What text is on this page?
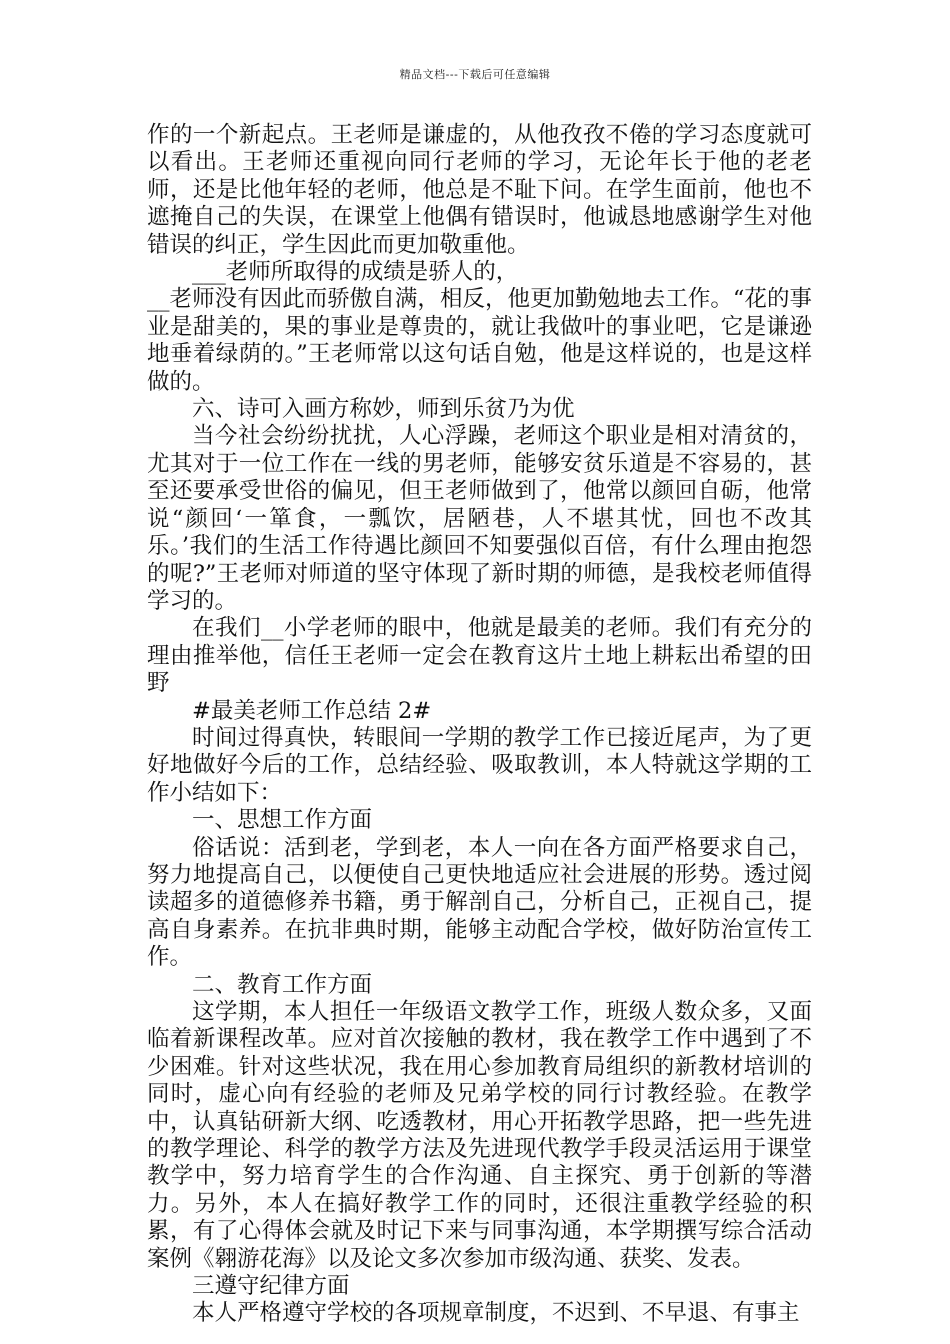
精品文档---下载后可任意编辑

作的一个新起点。王老师是谦虚的，从他孜孜不倦的学习态度就可以看出。王老师还重视向同行老师的学习，无论年长于他的老老师，还是比他年轻的老师，他总是不耻下问。在学生面前，他也不遮掩自己的失误，在课堂上他偶有错误时，他诚恳地感谢学生对他错误的纠正，学生因此而更加敬重他。

___老师所取得的成绩是骄人的，

__老师没有因此而骄傲自满，相反，他更加勤勉地去工作。“花的事业是甜美的，果的事业是尊贵的，就让我做叶的事业吧，它是谦逊地垂着绿荫的。”王老师常以这句话自勉，他是这样说的，也是这样做的。

六、诗可入画方称妙，师到乐贫乃为优

当今社会纷纷扰扰，人心浮躁，老师这个职业是相对清贫的，尤其对于一位工作在一线的男老师，能够安贫乐道是不容易的，甚至还要承受世俗的偏见，但王老师做到了，他常以颜回自砺，他常说“颜回‘一箪食，一瓢饮，居陋巷，人不堪其忧，回也不改其乐。’我们的生活工作待遇比颜回不知要强似百倍，有什么理由抱怨的呢?”王老师对师道的坚守体现了新时期的师德，是我校老师值得学习的。

在我们__小学老师的眼中，他就是最美的老师。我们有充分的理由推举他，信任王老师一定会在教育这片土地上耕耘出希望的田野

#最美老师工作总结 2#

时间过得真快，转眼间一学期的教学工作已接近尾声，为了更好地做好今后的工作，总结经验、吸取教训，本人特就这学期的工作小结如下：

一、思想工作方面

俗话说：活到老，学到老，本人一向在各方面严格要求自己，努力地提高自己，以便使自己更快地适应社会进展的形势。透过阅读超多的道德修养书籍，勇于解剖自己，分析自己，正视自己，提高自身素养。在抗非典时期，能够主动配合学校，做好防治宣传工作。

二、教育工作方面

这学期，本人担任一年级语文教学工作，班级人数众多，又面临着新课程改革。应对首次接触的教材，我在教学工作中遇到了不少困难。针对这些状况，我在用心参加教育局组织的新教材培训的同时，虚心向有经验的老师及兄弟学校的同行讨教经验。在教学中，认真钻研新大纲、吃透教材，用心开拓教学思路，把一些先进的教学理论、科学的教学方法及先进现代教学手段灵活运用于课堂教学中，努力培育学生的合作沟通、自主探究、勇于创新的等潜力。另外，本人在搞好教学工作的同时，还很注重教学经验的积累，有了心得体会就及时记下来与同事沟通，本学期撰写综合活动案例《翱游花海》以及论文多次参加市级沟通、获奖、发表。

三遵守纪律方面

本人严格遵守学校的各项规章制度，不迟到、不早退、有事主
